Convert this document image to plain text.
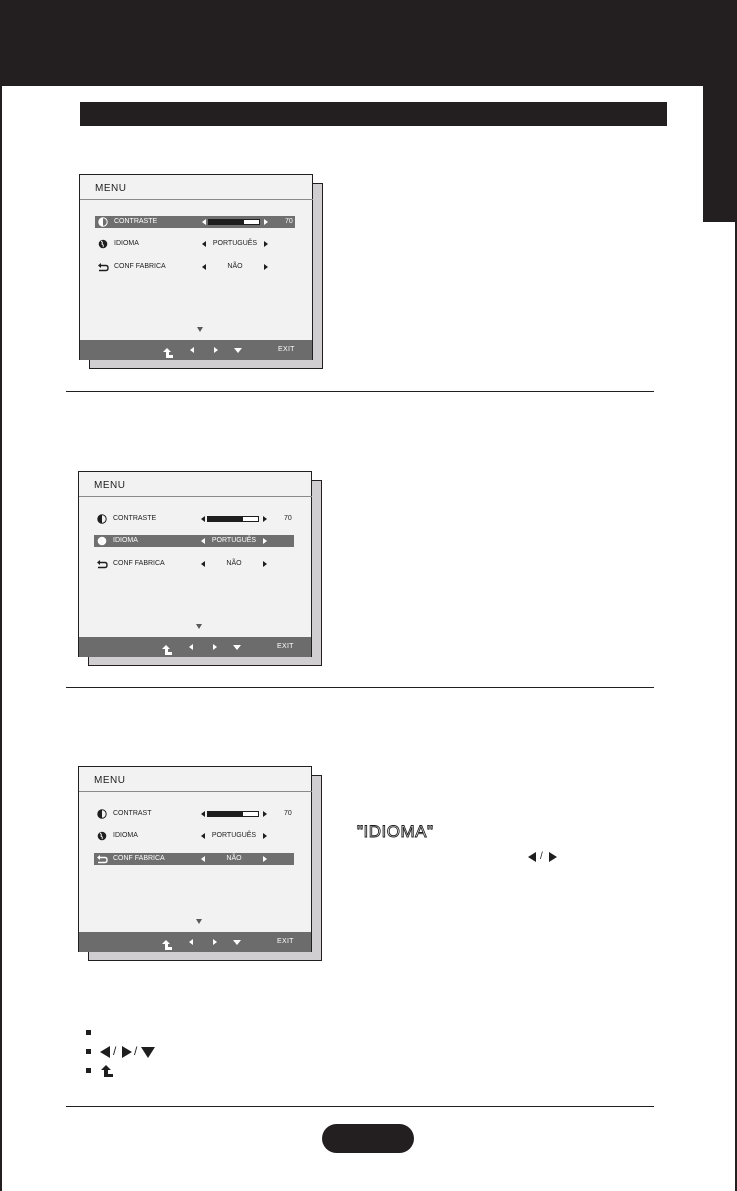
MENU
CONTRASTE	70
IDIOMA	PORTUGUÊS
CONF FABRICA	NÃO
EXIT
MENU
CONTRASTE	70
IDIOMA	PORTUGUÊS
CONF FABRICA	NÃO
EXIT
MENU
CONTRAST	70
IDIOMA	PORTUGUÊS
CONF FABRICA	NÃO
EXIT
"IDIOMA"
/
/ /
